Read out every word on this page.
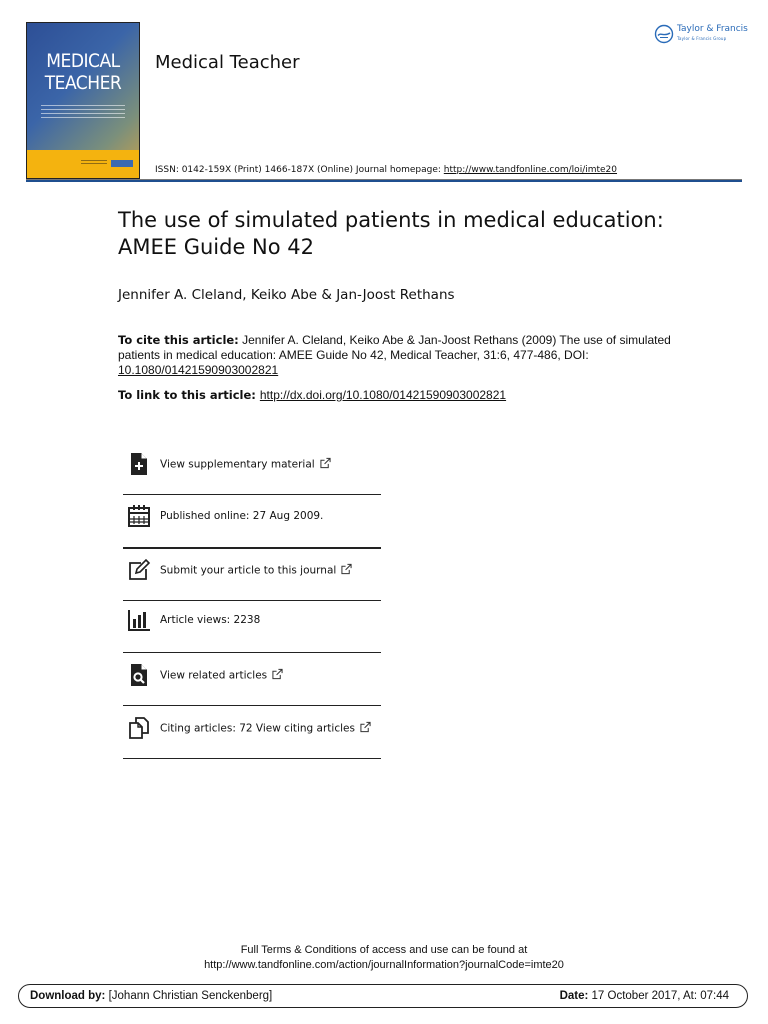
MEDICAL
TEACHER
Medical Teacher
Taylor & Francis
Taylor & Francis Group
ISSN: 0142-159X (Print) 1466-187X (Online) Journal homepage: http://www.tandfonline.com/loi/imte20
The use of simulated patients in medical education: AMEE Guide No 42
Jennifer A. Cleland, Keiko Abe & Jan-Joost Rethans
To cite this article: Jennifer A. Cleland, Keiko Abe & Jan-Joost Rethans (2009) The use of simulated patients in medical education: AMEE Guide No 42, Medical Teacher, 31:6, 477-486, DOI: 10.1080/01421590903002821
To link to this article: http://dx.doi.org/10.1080/01421590903002821
View supplementary material
Published online: 27 Aug 2009.
Submit your article to this journal
Article views: 2238
View related articles
Citing articles: 72 View citing articles
Full Terms & Conditions of access and use can be found at
http://www.tandfonline.com/action/journalInformation?journalCode=imte20
Download by: [Johann Christian Senckenberg]	Date: 17 October 2017, At: 07:44
